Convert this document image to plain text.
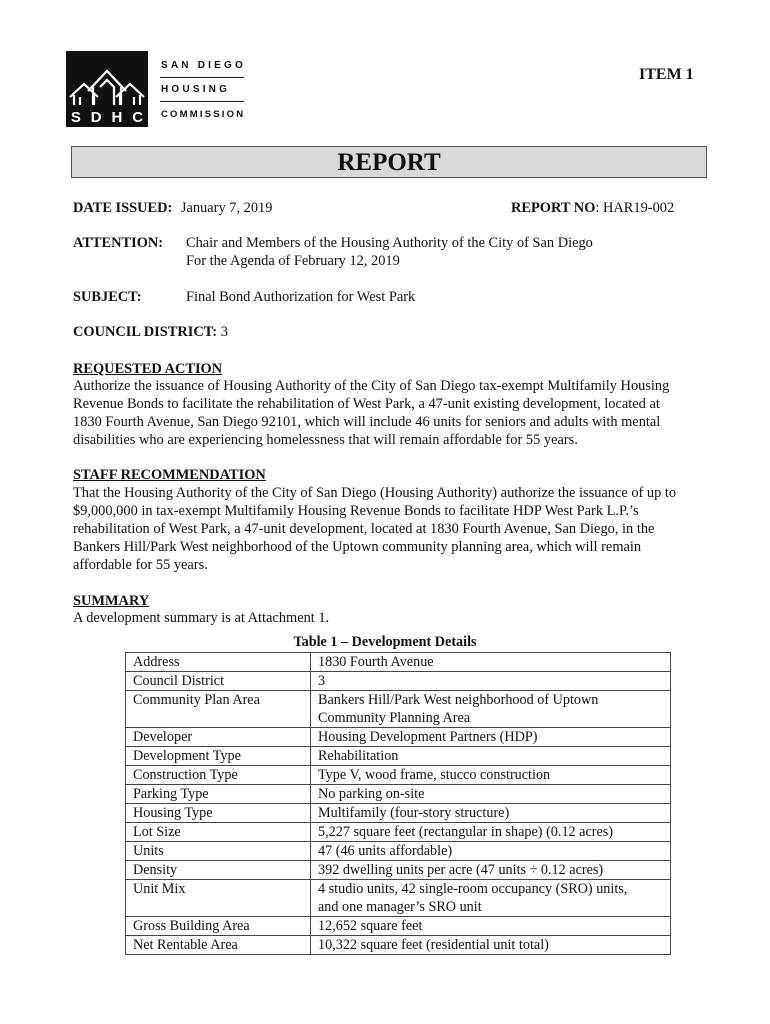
S D H C
SAN DIEGO
HOUSING
COMMISSION
ITEM 1
REPORT
DATE ISSUED: January 7, 2019	REPORT NO: HAR19-002
ATTENTION: Chair and Members of the Housing Authority of the City of San Diego
For the Agenda of February 12, 2019
SUBJECT:	Final Bond Authorization for West Park
COUNCIL DISTRICT: 3
REQUESTED ACTION
Authorize the issuance of Housing Authority of the City of San Diego tax-exempt Multifamily Housing
Revenue Bonds to facilitate the rehabilitation of West Park, a 47-unit existing development, located at
1830 Fourth Avenue, San Diego 92101, which will include 46 units for seniors and adults with mental
disabilities who are experiencing homelessness that will remain affordable for 55 years.
STAFF RECOMMENDATION
That the Housing Authority of the City of San Diego (Housing Authority) authorize the issuance of up to
$9,000,000 in tax-exempt Multifamily Housing Revenue Bonds to facilitate HDP West Park L.P.’s
rehabilitation of West Park, a 47-unit development, located at 1830 Fourth Avenue, San Diego, in the
Bankers Hill/Park West neighborhood of the Uptown community planning area, which will remain
affordable for 55 years.
SUMMARY
A development summary is at Attachment 1.
Table 1 – Development Details
Address	1830 Fourth Avenue

Council District	3

Community Plan Area	Bankers Hill/Park West neighborhood of Uptown
Community Planning Area

Developer	Housing Development Partners (HDP)

Development Type	Rehabilitation

Construction Type	Type V, wood frame, stucco construction

Parking Type	No parking on-site

Housing Type	Multifamily (four-story structure)

Lot Size	5,227 square feet (rectangular in shape) (0.12 acres)

Units	47 (46 units affordable)

Density	392 dwelling units per acre (47 units ÷ 0.12 acres)

Unit Mix	4 studio units, 42 single-room occupancy (SRO) units,
and one manager’s SRO unit

Gross Building Area	12,652 square feet

Net Rentable Area	10,322 square feet (residential unit total)
